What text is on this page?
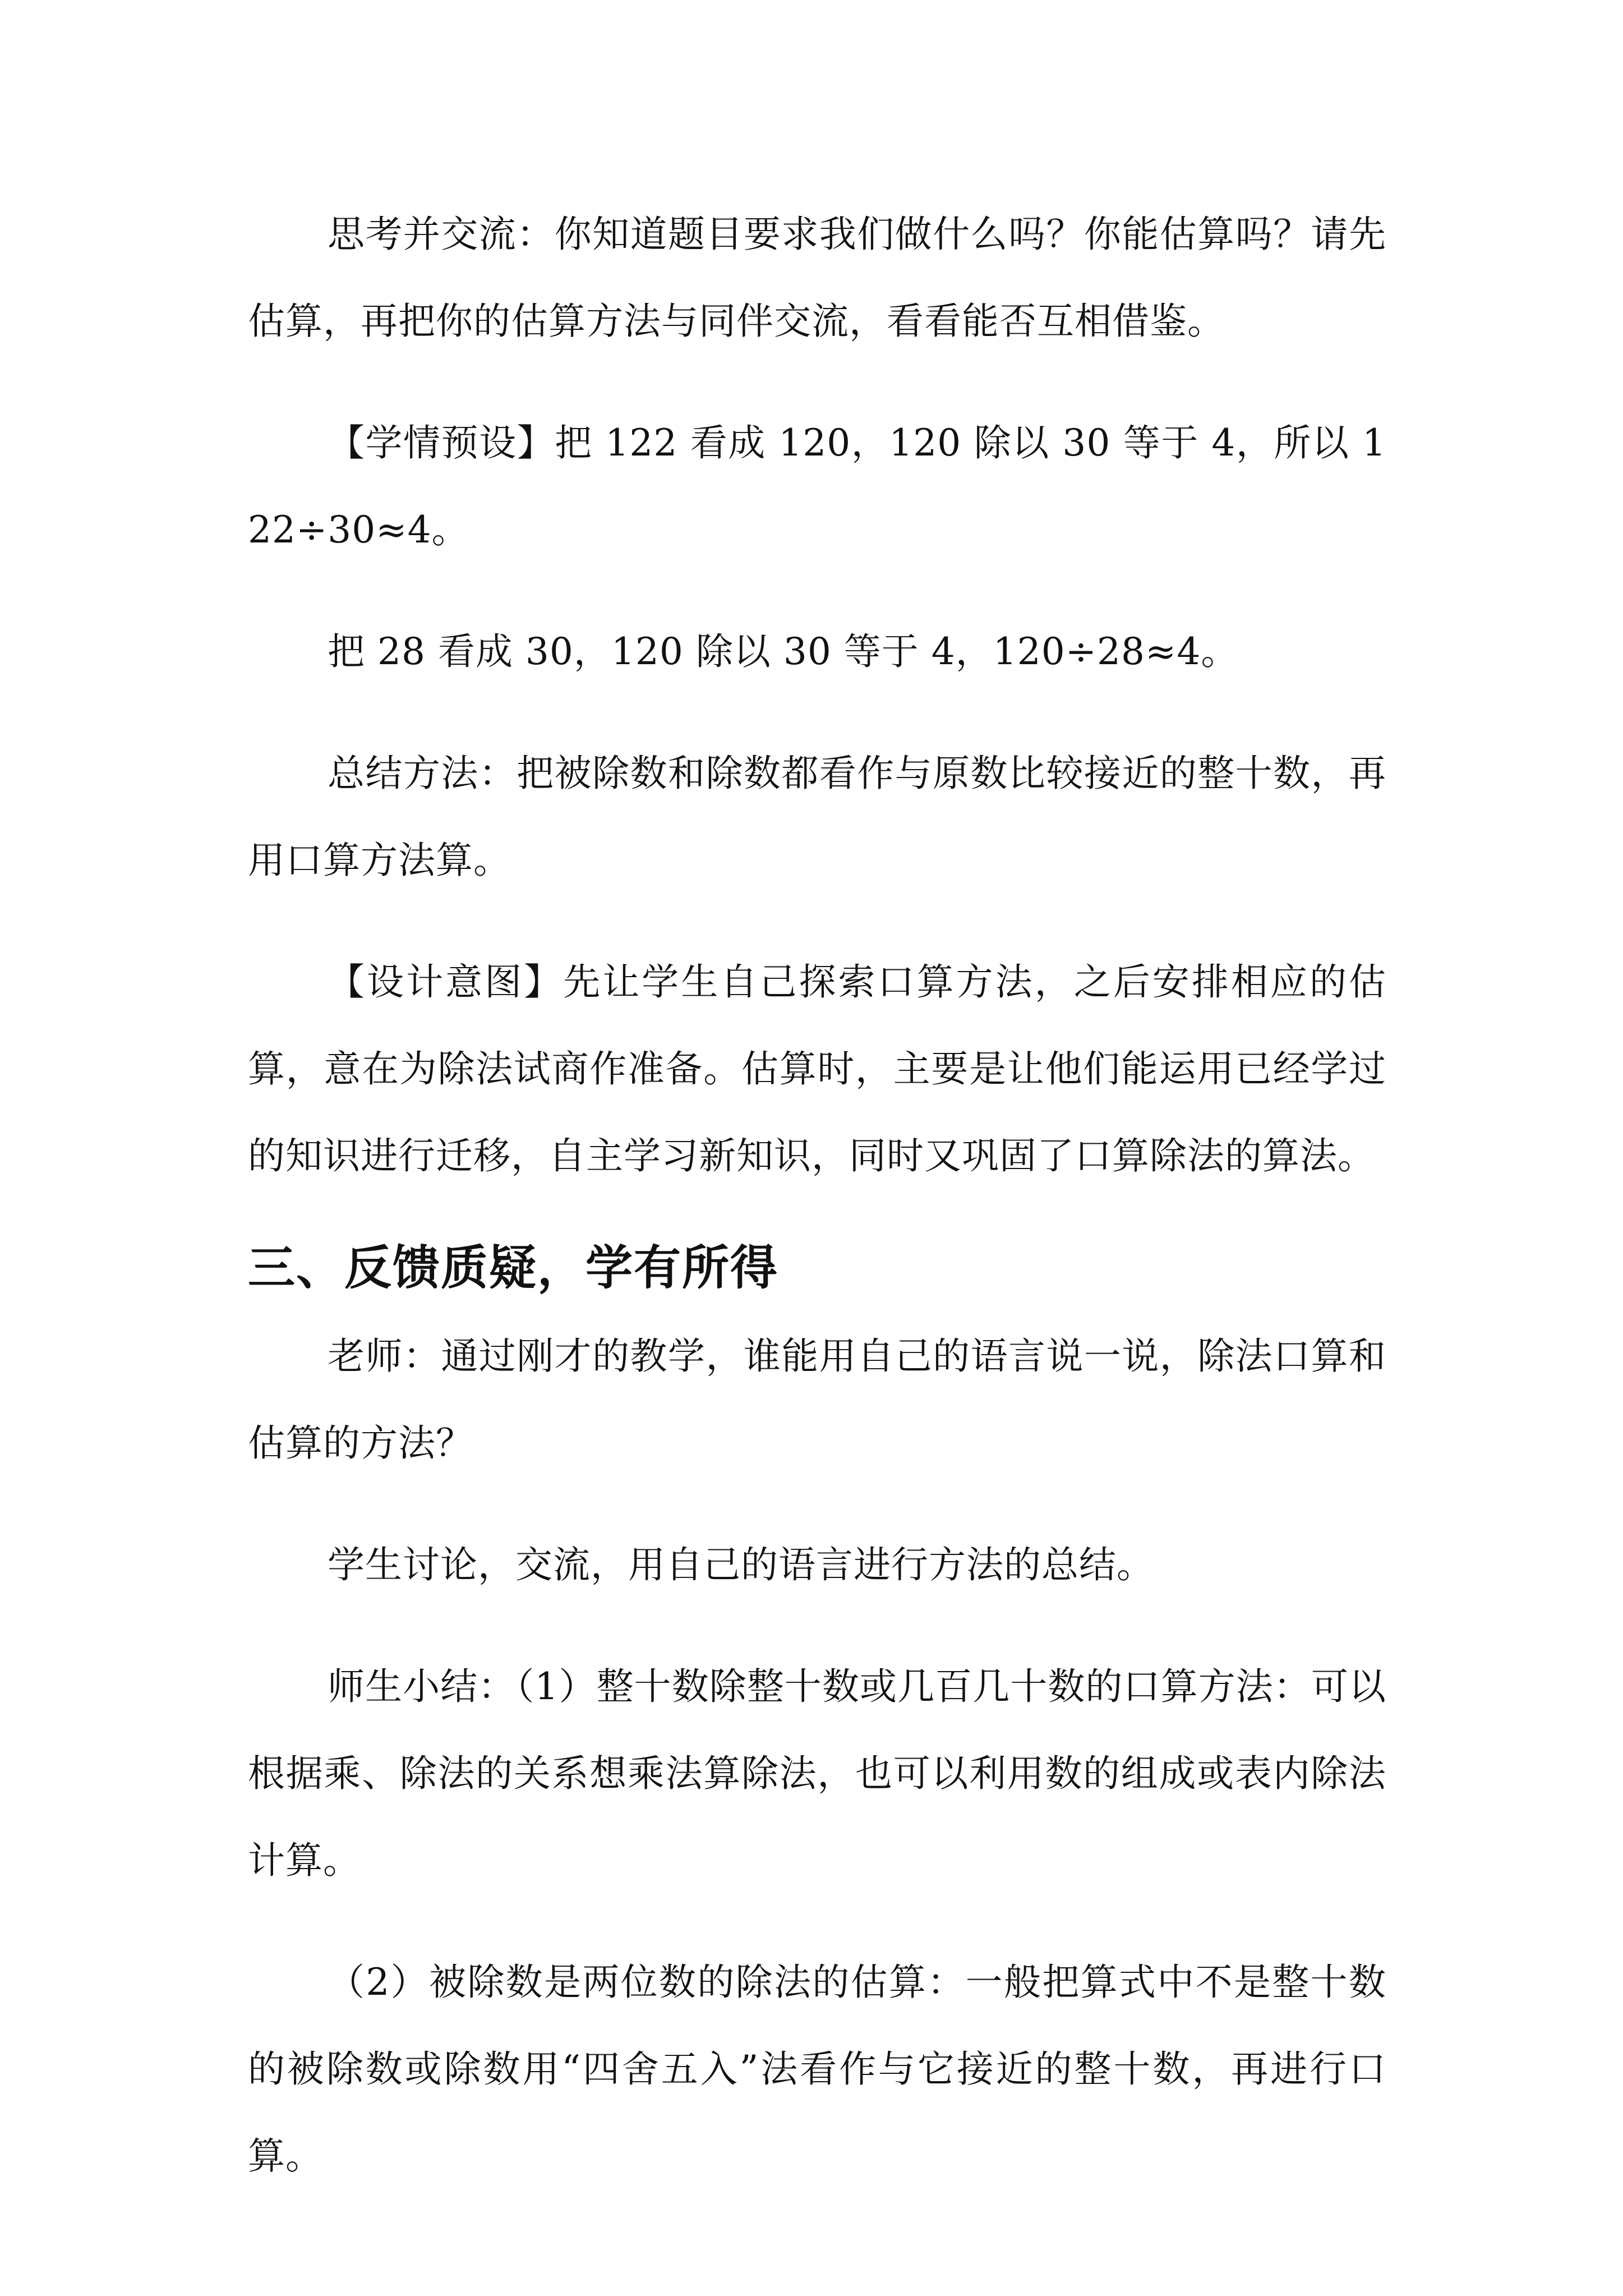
思考并交流：你知道题目要求我们做什么吗？你能估算吗？请先估算，再把你的估算方法与同伴交流，看看能否互相借鉴。

【学情预设】把 122 看成 120，120 除以 30 等于 4，所以 122÷30≈4。

把 28 看成 30，120 除以 30 等于 4，120÷28≈4。

总结方法：把被除数和除数都看作与原数比较接近的整十数，再用口算方法算。

【设计意图】先让学生自己探索口算方法，之后安排相应的估算，意在为除法试商作准备。估算时，主要是让他们能运用已经学过的知识进行迁移，自主学习新知识，同时又巩固了口算除法的算法。

三、反馈质疑，学有所得

老师：通过刚才的教学，谁能用自己的语言说一说，除法口算和估算的方法？

学生讨论，交流，用自己的语言进行方法的总结。

师生小结：（1）整十数除整十数或几百几十数的口算方法：可以根据乘、除法的关系想乘法算除法，也可以利用数的组成或表内除法计算。

（2）被除数是两位数的除法的估算：一般把算式中不是整十数的被除数或除数用“四舍五入”法看作与它接近的整十数，再进行口算。
